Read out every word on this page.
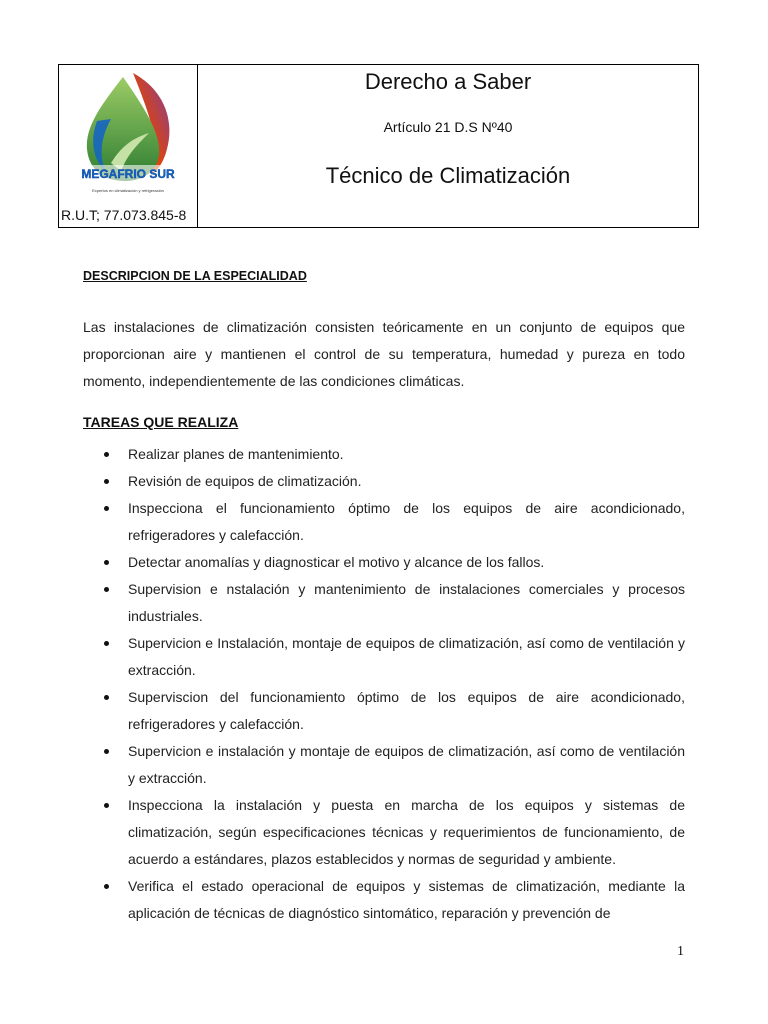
MEGAFRIO SUR
Expertos en climatización y refrigeración
R.U.T; 77.073.845-8
Derecho a Saber
Artículo 21 D.S Nº40
Técnico de Climatización
DESCRIPCION DE LA ESPECIALIDAD

Las instalaciones de climatización consisten teóricamente en un conjunto de equipos que proporcionan aire y mantienen el control de su temperatura, humedad y pureza en todo momento, independientemente de las condiciones climáticas.

TAREAS QUE REALIZA
Realizar planes de mantenimiento.
Revisión de equipos de climatización.
Inspecciona el funcionamiento óptimo de los equipos de aire acondicionado, refrigeradores y calefacción.
Detectar anomalías y diagnosticar el motivo y alcance de los fallos.
Supervision e nstalación y mantenimiento de instalaciones comerciales y procesos industriales.
Supervicion e Instalación, montaje de equipos de climatización, así como de ventilación y extracción.
Superviscion del funcionamiento óptimo de los equipos de aire acondicionado, refrigeradores y calefacción.
Supervicion e instalación y montaje de equipos de climatización, así como de ventilación y extracción.
Inspecciona la instalación y puesta en marcha de los equipos y sistemas de climatización, según especificaciones técnicas y requerimientos de funcionamiento, de acuerdo a estándares, plazos establecidos y normas de seguridad y ambiente.
Verifica el estado operacional de equipos y sistemas de climatización, mediante la aplicación de técnicas de diagnóstico sintomático, reparación y prevención de
1
